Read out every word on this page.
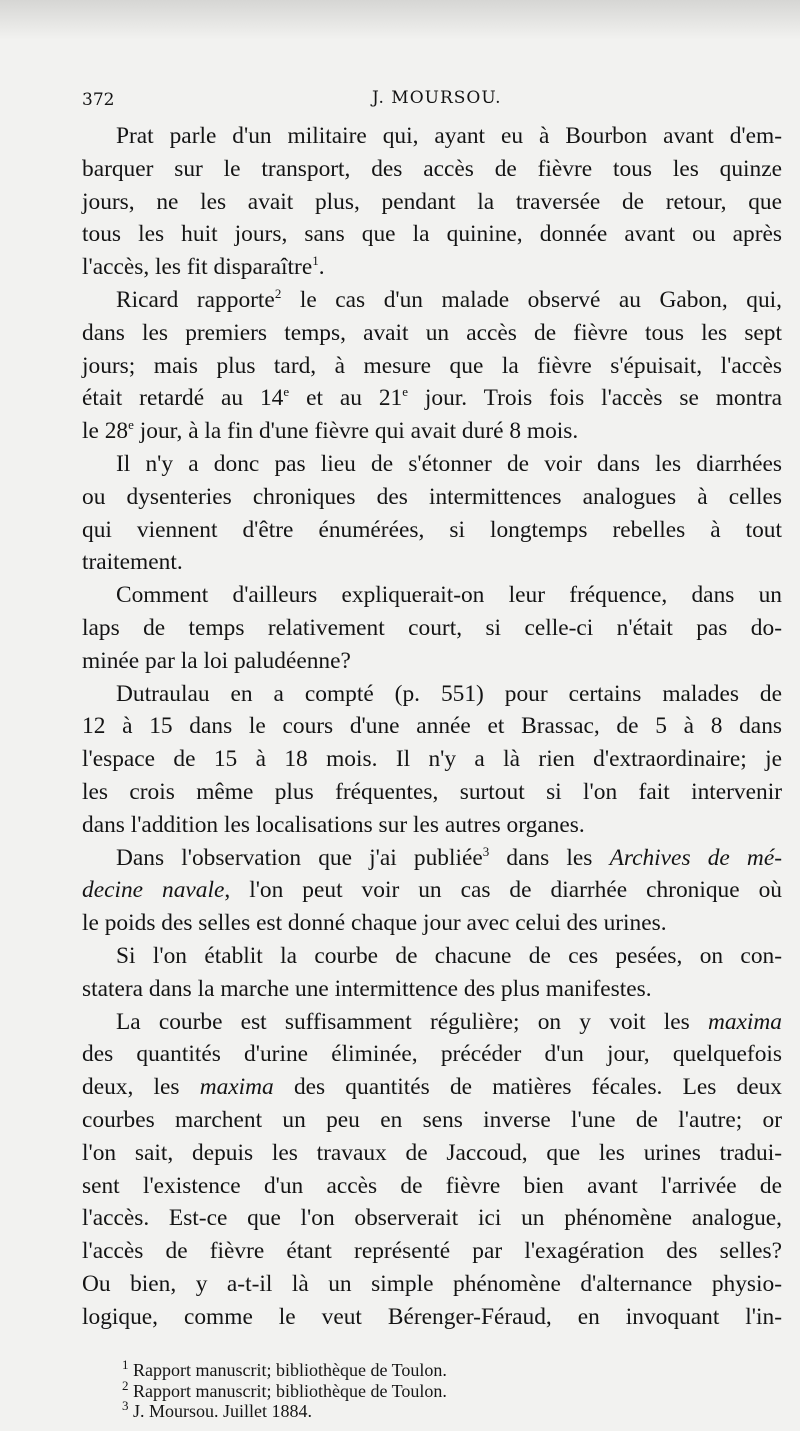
372	J. MOURSOU.
Prat parle d'un militaire qui, ayant eu à Bourbon avant d'em-
barquer sur le transport, des accès de fièvre tous les quinze
jours, ne les avait plus, pendant la traversée de retour, que
tous les huit jours, sans que la quinine, donnée avant ou après
l'accès, les fit disparaître$^1$.
Ricard rapporte$^2$ le cas d'un malade observé au Gabon, qui,
dans les premiers temps, avait un accès de fièvre tous les sept
jours; mais plus tard, à mesure que la fièvre s'épuisait, l'accès
était retardé au 14e et au 21e jour. Trois fois l'accès se montra
le 28e jour, à la fin d'une fièvre qui avait duré 8 mois.
Il n'y a donc pas lieu de s'étonner de voir dans les diarrhées
ou dysenteries chroniques des intermittences analogues à celles
qui viennent d'être énumérées, si longtemps rebelles à tout
traitement.
Comment d'ailleurs expliquerait-on leur fréquence, dans un
laps de temps relativement court, si celle-ci n'était pas do-
minée par la loi paludéenne?
Dutraulau en a compté (p. 551) pour certains malades de
12 à 15 dans le cours d'une année et Brassac, de 5 à 8 dans
l'espace de 15 à 18 mois. Il n'y a là rien d'extraordinaire; je
les crois même plus fréquentes, surtout si l'on fait intervenir
dans l'addition les localisations sur les autres organes.
Dans l'observation que j'ai publiée$^3$ dans les Archives de mé-
decine navale, l'on peut voir un cas de diarrhée chronique où
le poids des selles est donné chaque jour avec celui des urines.
Si l'on établit la courbe de chacune de ces pesées, on con-
statera dans la marche une intermittence des plus manifestes.
La courbe est suffisamment régulière; on y voit les maxima
des quantités d'urine éliminée, précéder d'un jour, quelquefois
deux, les maxima des quantités de matières fécales. Les deux
courbes marchent un peu en sens inverse l'une de l'autre; or
l'on sait, depuis les travaux de Jaccoud, que les urines tradui-
sent l'existence d'un accès de fièvre bien avant l'arrivée de
l'accès. Est-ce que l'on observerait ici un phénomène analogue,
l'accès de fièvre étant représenté par l'exagération des selles?
Ou bien, y a-t-il là un simple phénomène d'alternance physio-
logique, comme le veut Bérenger-Féraud, en invoquant l'in-
$^1$ Rapport manuscrit; bibliothèque de Toulon.
$^2$ Rapport manuscrit; bibliothèque de Toulon.
$^3$ J. Moursou. Juillet 1884.
